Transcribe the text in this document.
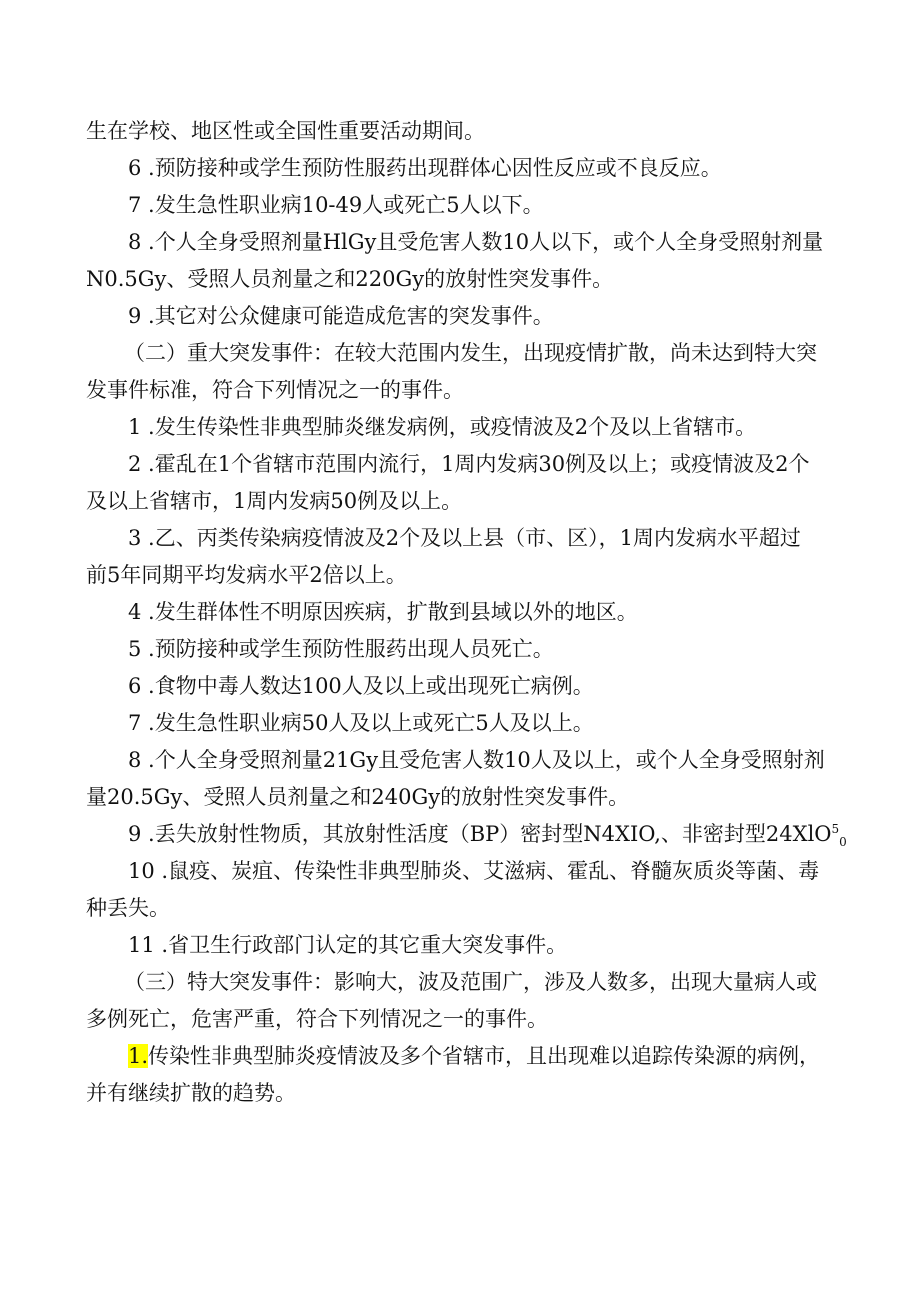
生在学校、地区性或全国性重要活动期间。
6 .预防接种或学生预防性服药出现群体心因性反应或不良反应。
7 .发生急性职业病10-49人或死亡5人以下。
8 .个人全身受照剂量HlGy且受危害人数10人以下，或个人全身受照射剂量
N0.5Gy、受照人员剂量之和220Gy的放射性突发事件。
9 .其它对公众健康可能造成危害的突发事件。
（二）重大突发事件：在较大范围内发生，出现疫情扩散，尚未达到特大突
发事件标准，符合下列情况之一的事件。
1 .发生传染性非典型肺炎继发病例，或疫情波及2个及以上省辖市。
2 .霍乱在1个省辖市范围内流行，1周内发病30例及以上；或疫情波及2个
及以上省辖市，1周内发病50例及以上。
3 .乙、丙类传染病疫情波及2个及以上县（市、区），1周内发病水平超过
前5年同期平均发病水平2倍以上。
4 .发生群体性不明原因疾病，扩散到县域以外的地区。
5 .预防接种或学生预防性服药出现人员死亡。
6 .食物中毒人数达100人及以上或出现死亡病例。
7 .发生急性职业病50人及以上或死亡5人及以上。
8 .个人全身受照剂量21Gy且受危害人数10人及以上，或个人全身受照射剂
量20.5Gy、受照人员剂量之和240Gy的放射性突发事件。
9 .丢失放射性物质，其放射性活度（BP）密封型N4XIO,、非密封型24XlO$^5_0$
10 .鼠疫、炭疽、传染性非典型肺炎、艾滋病、霍乱、脊髓灰质炎等菌、毒
种丢失。
11 .省卫生行政部门认定的其它重大突发事件。
（三）特大突发事件：影响大，波及范围广，涉及人数多，出现大量病人或
多例死亡，危害严重，符合下列情况之一的事件。
1.传染性非典型肺炎疫情波及多个省辖市，且出现难以追踪传染源的病例，
并有继续扩散的趋势。
